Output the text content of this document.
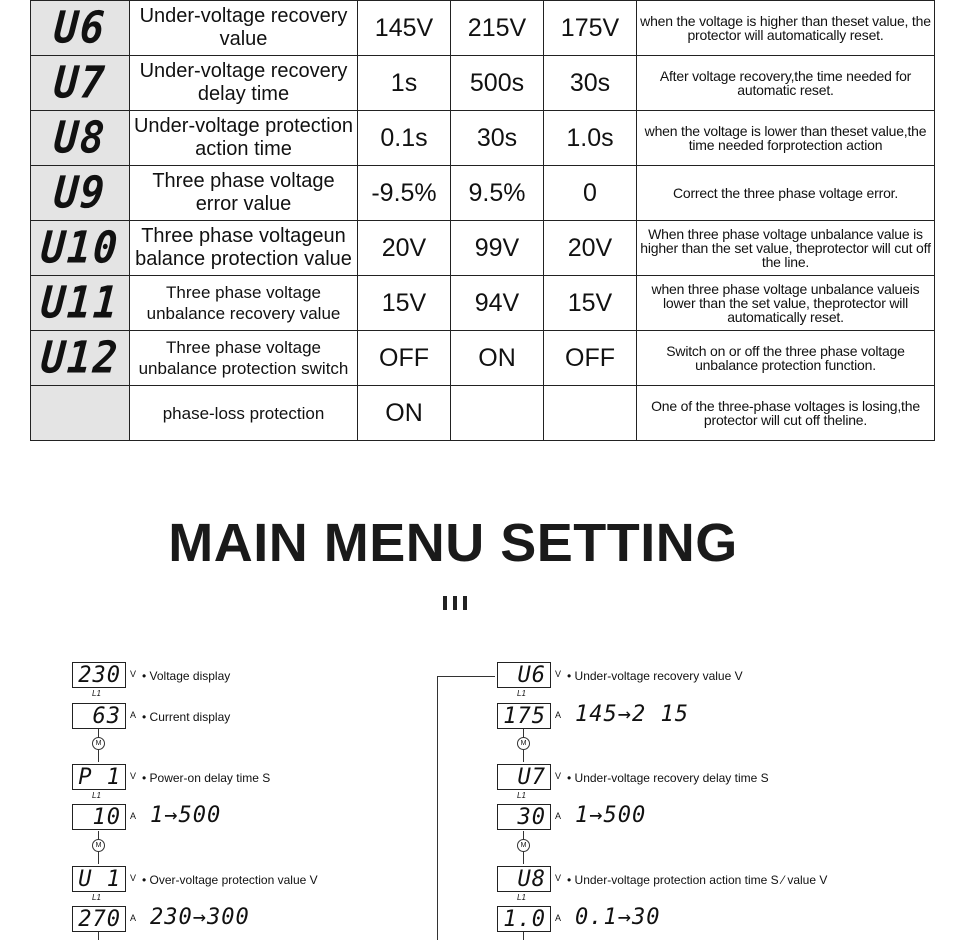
U6	Under-voltage recovery value	145V	215V	175V	when the voltage is higher than theset value, the protector will automatically reset.
U7	Under-voltage recovery delay time	1s	500s	30s	After voltage recovery,the time needed for automatic reset.
U8	Under-voltage protection action time	0.1s	30s	1.0s	when the voltage is lower than theset value,the time needed forprotection action
U9	Three phase voltage error value	-9.5%	9.5%	0	Correct the three phase voltage error.
U10	Three phase voltageun balance protection value	20V	99V	20V	When three phase voltage unbalance value is higher than the set value, theprotector will cut off the line.
U11	Three phase voltage unbalance recovery value	15V	94V	15V	when three phase voltage unbalance valueis lower than the set value, theprotector will automatically reset.
U12	Three phase voltage unbalance protection switch	OFF	ON	OFF	Switch on or off the three phase voltage unbalance protection function.
	phase-loss protection	ON			One of the three-phase voltages is losing,the protector will cut off theline.
MAIN MENU SETTING
230	V
L1
• Voltage display
63	A • Current display
P 1	V
L1
• Power-on delay time S
10	A 1→500
U 1	V
L1
• Over-voltage protection value V
270	A 230→300
M
M
U6	V
L1
• Under-voltage recovery value V
175	A 145→2 15
U7	V
L1
• Under-voltage recovery delay time S
30	A 1→500
U8	V
L1
• Under-voltage protection action time S ⁄ value V
1.0	A 0.1→30
M
M
